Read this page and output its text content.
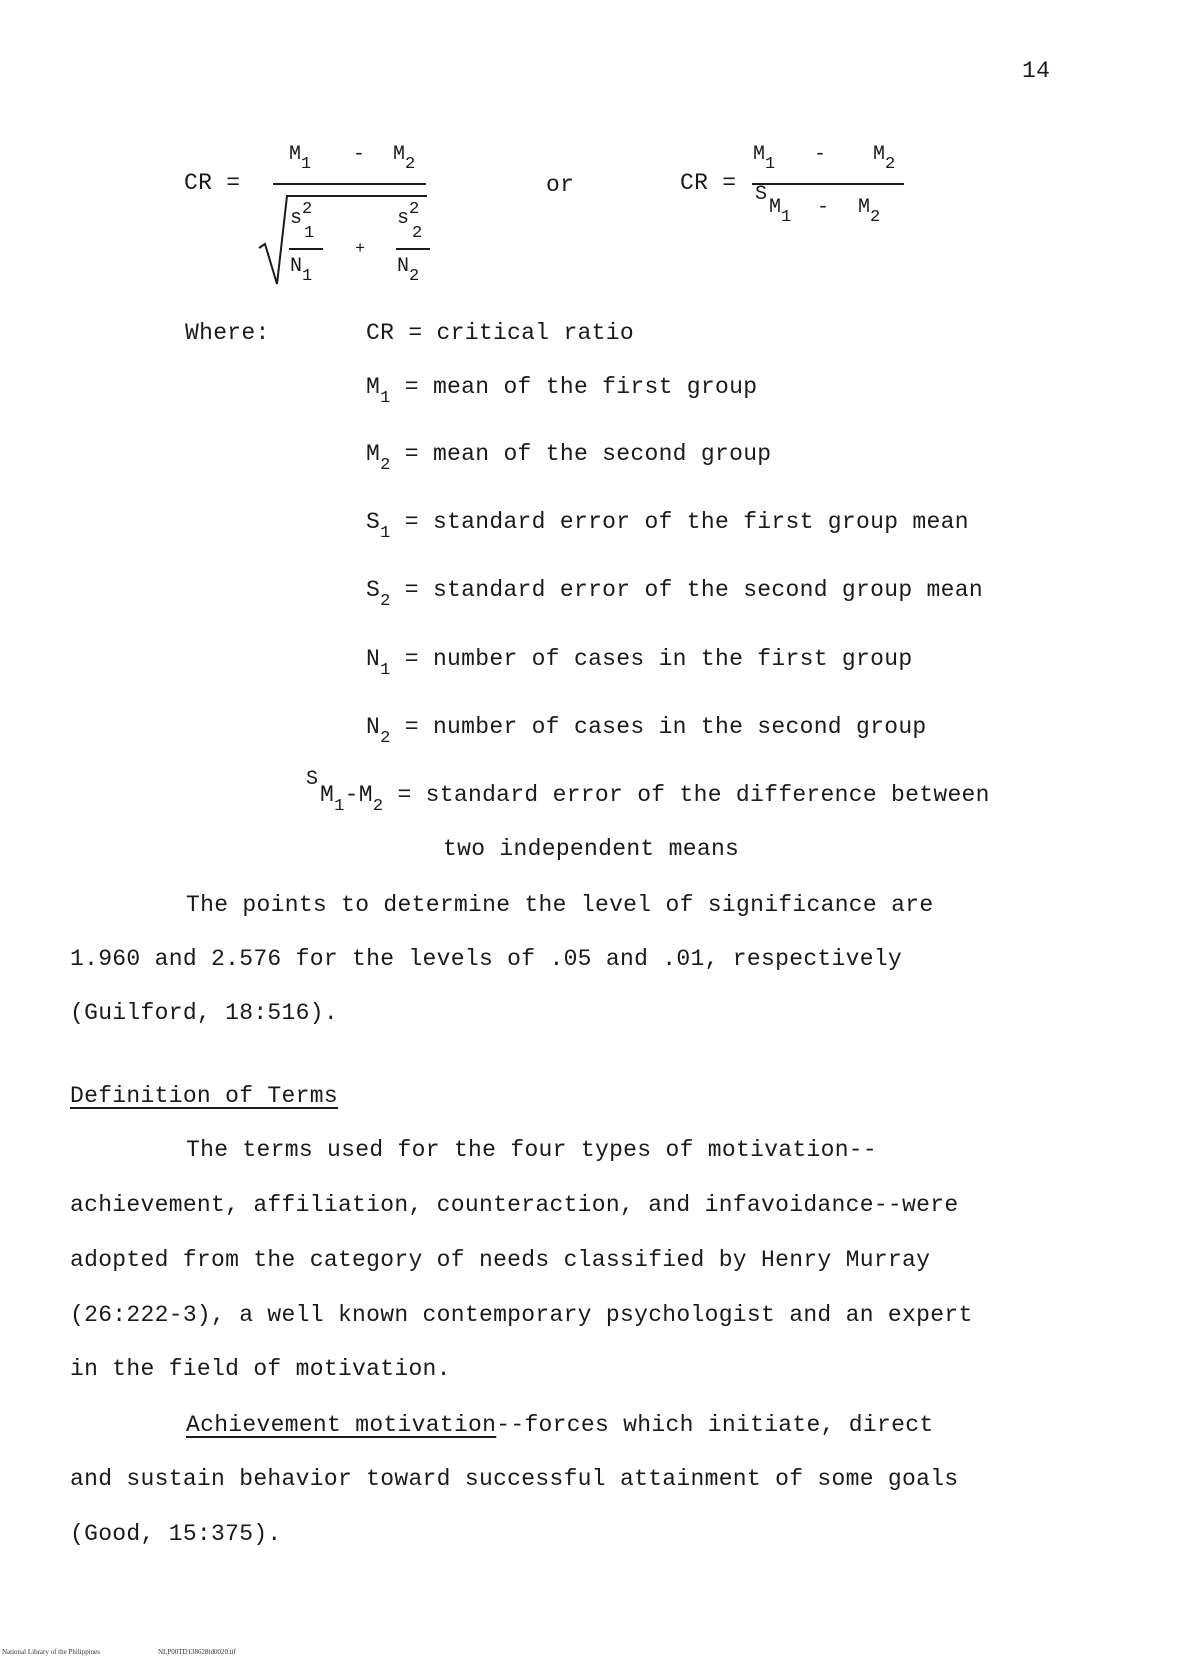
14
CR =
$M_1 - M_2$
$s^2$
1
$N_1$
+
$s^2$
2
$N_2$
or	CR =
$M_1 - M_2$
S
$M_1 - M_2$
Where:	CR = critical ratio
$M_1$ = mean of the first group
$M_2$ = mean of the second group
$S_1$ = standard error of the first group mean
$S_2$ = standard error of the second group mean
$N_1$ = number of cases in the first group
$N_2$ = number of cases in the second group
S
$M_1-M_2$ = standard error of the difference between
two independent means
The points to determine the level of significance are
1.960 and 2.576 for the levels of .05 and .01, respectively
(Guilford, 18:516).
Definition of Terms
The terms used for the four types of motivation--
achievement, affiliation, counteraction, and infavoidance--were
adopted from the category of needs classified by Henry Murray
(26:222-3), a well known contemporary psychologist and an expert
in the field of motivation.
Achievement motivation--forces which initiate, direct
and sustain behavior toward successful attainment of some goals
(Good, 15:375).
National Library of the Philippines	NLP00TD138628td0020.tif
